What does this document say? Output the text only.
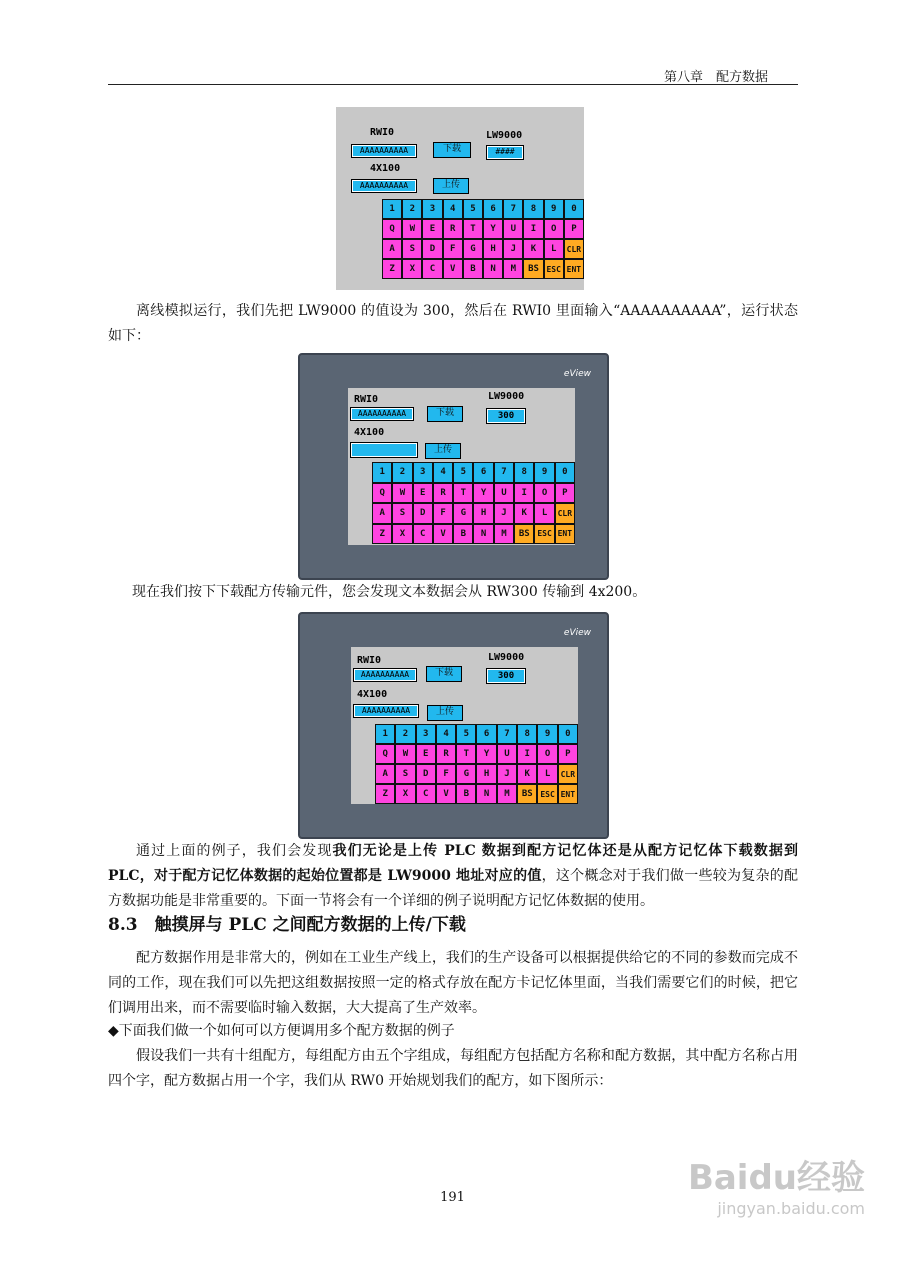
第八章　配方数据
RWI0
AAAAAAAAAA	下载
LW9000
####
4X100
AAAAAAAAAA	上传
1	2	3	4	5	6	7	8	9	0
Q	W	E	R	T	Y	U	I	O	P
A	S	D	F	G	H	J	K	L	CLR
Z	X	C	V	B	N	M	BS ESC ENT
离线模拟运行，我们先把 LW9000 的值设为 300，然后在 RWI0 里面输入“AAAAAAAAAA”，运行状态如下：
eView
RWI0
AAAAAAAAAA	下载
LW9000
300
4X100
上传
1	2	3	4	5	6	7	8	9	0
Q	W	E	R	T	Y	U	I	O	P
A	S	D	F	G	H	J	K	L	CLR
Z	X	C	V	B	N	M	BS ESC ENT
现在我们按下下载配方传输元件，您会发现文本数据会从 RW300 传输到 4x200。
eView
RWI0
AAAAAAAAAA	下载
LW9000
300
4X100
AAAAAAAAAA	上传
1	2	3	4	5	6	7	8	9	0
Q	W	E	R	T	Y	U	I	O	P
A	S	D	F	G	H	J	K	L	CLR
Z	X	C	V	B	N	M	BS ESC ENT
通过上面的例子，我们会发现我们无论是上传 PLC 数据到配方记忆体还是从配方记忆体下载数据到 PLC，对于配方记忆体数据的起始位置都是 LW9000 地址对应的值，这个概念对于我们做一些较为复杂的配方数据功能是非常重要的。下面一节将会有一个详细的例子说明配方记忆体数据的使用。
8.3　触摸屏与 PLC 之间配方数据的上传/下载
配方数据作用是非常大的，例如在工业生产线上，我们的生产设备可以根据提供给它的不同的参数而完成不同的工作，现在我们可以先把这组数据按照一定的格式存放在配方卡记忆体里面，当我们需要它们的时候，把它们调用出来，而不需要临时输入数据，大大提高了生产效率。
◆下面我们做一个如何可以方便调用多个配方数据的例子
假设我们一共有十组配方，每组配方由五个字组成，每组配方包括配方名称和配方数据，其中配方名称占用四个字，配方数据占用一个字，我们从 RW0 开始规划我们的配方，如下图所示：
191	Baidu经验
jingyan.baidu.com
